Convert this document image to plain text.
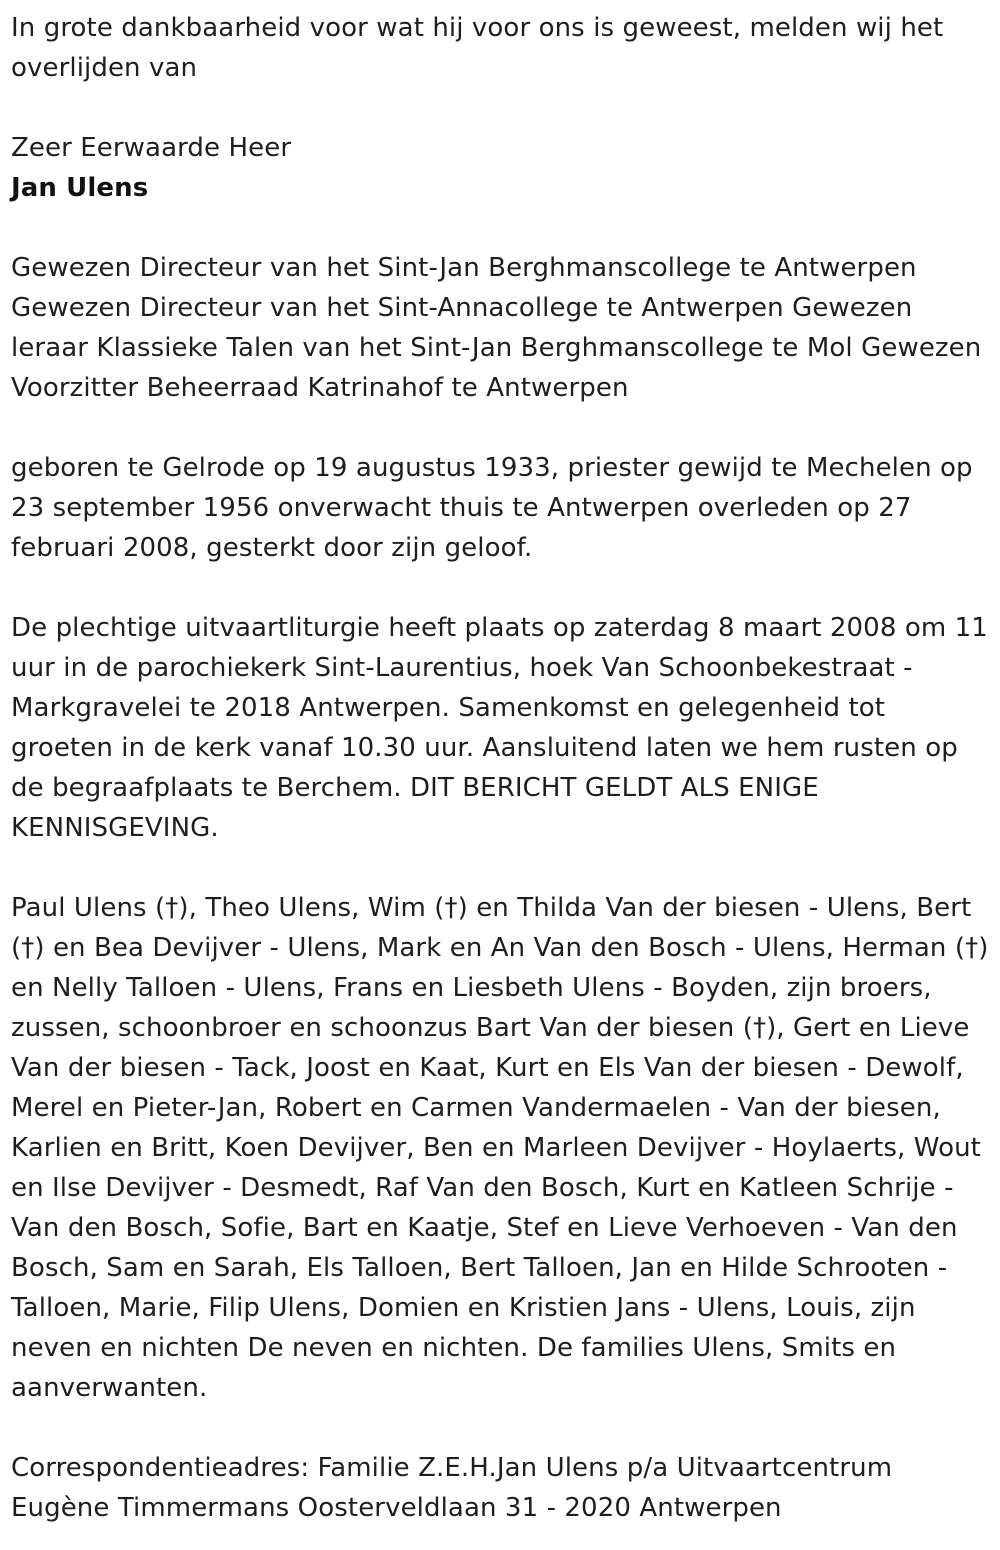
In grote dankbaarheid voor wat hij voor ons is geweest, melden wij het overlijden van

Zeer Eerwaarde Heer

Jan Ulens

Gewezen Directeur van het Sint-Jan Berghmanscollege te Antwerpen Gewezen Directeur van het Sint-Annacollege te Antwerpen Gewezen leraar Klassieke Talen van het Sint-Jan Berghmanscollege te Mol Gewezen Voorzitter Beheerraad Katrinahof te Antwerpen

geboren te Gelrode op 19 augustus 1933, priester gewijd te Mechelen op 23 september 1956 onverwacht thuis te Antwerpen overleden op 27 februari 2008, gesterkt door zijn geloof.

De plechtige uitvaartliturgie heeft plaats op zaterdag 8 maart 2008 om 11 uur in de parochiekerk Sint-Laurentius, hoek Van Schoonbekestraat - Markgravelei te 2018 Antwerpen. Samenkomst en gelegenheid tot groeten in de kerk vanaf 10.30 uur. Aansluitend laten we hem rusten op de begraafplaats te Berchem. DIT BERICHT GELDT ALS ENIGE KENNISGEVING.

Paul Ulens (†), Theo Ulens, Wim (†) en Thilda Van der biesen - Ulens, Bert (†) en Bea Devijver - Ulens, Mark en An Van den Bosch - Ulens, Herman (†) en Nelly Talloen - Ulens, Frans en Liesbeth Ulens - Boyden, zijn broers, zussen, schoonbroer en schoonzus Bart Van der biesen (†), Gert en Lieve Van der biesen - Tack, Joost en Kaat, Kurt en Els Van der biesen - Dewolf, Merel en Pieter-Jan, Robert en Carmen Vandermaelen - Van der biesen, Karlien en Britt, Koen Devijver, Ben en Marleen Devijver - Hoylaerts, Wout en Ilse Devijver - Desmedt, Raf Van den Bosch, Kurt en Katleen Schrije - Van den Bosch, Sofie, Bart en Kaatje, Stef en Lieve Verhoeven - Van den Bosch, Sam en Sarah, Els Talloen, Bert Talloen, Jan en Hilde Schrooten - Talloen, Marie, Filip Ulens, Domien en Kristien Jans - Ulens, Louis, zijn neven en nichten De neven en nichten. De families Ulens, Smits en aanverwanten.

Correspondentieadres: Familie Z.E.H.Jan Ulens p/a Uitvaartcentrum Eugène Timmermans Oosterveldlaan 31 - 2020 Antwerpen
